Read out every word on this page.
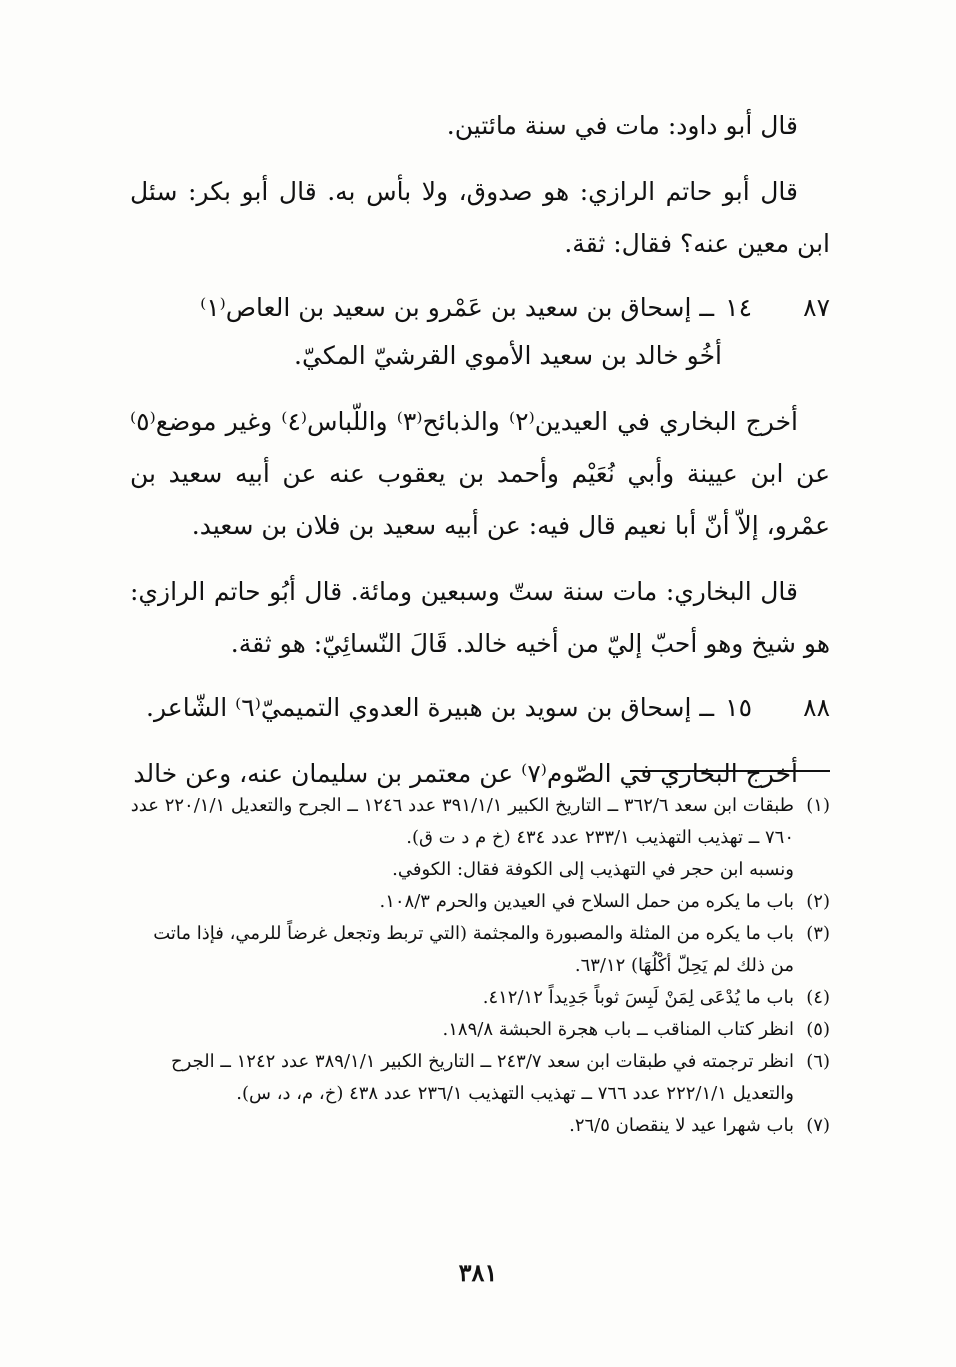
قال أبو داود: مات في سنة مائتين.

قال أبو حاتم الرازي: هو صدوق، ولا بأس به. قال أبو بكر: سئل ابن معين عنه؟ فقال: ثقة.

٨٧١٤ ــ إسحاق بن سعيد بن عَمْرو بن سعيد بن العاص⁽١⁾
أخُو خالد بن سعيد الأموي القرشيّ المكيّ.

أخرج البخاري في العيدين⁽٢⁾ والذبائح⁽٣⁾ واللّباس⁽٤⁾ وغير موضع⁽٥⁾ عن ابن عيينة وأبي نُعَيْم وأحمد بن يعقوب عنه عن أبيه سعيد بن عمْرو، إلاّ أنّ أبا نعيم قال فيه: عن أبيه سعيد بن فلان بن سعيد.

قال البخاري: مات سنة ستّ وسبعين ومائة. قال أبُو حاتم الرازي: هو شيخ وهو أحبّ إليّ من أخيه خالد. قَالَ النّسائِيّ: هو ثقة.

٨٨١٥ ــ إسحاق بن سويد بن هبيرة العدوي التميميّ⁽٦⁾ الشّاعر.

أخرج البخاري في الصّوم⁽٧⁾ عن معتمر بن سليمان عنه، وعن خالد

(١)
طبقات ابن سعد ٣٦٢/٦ ــ التاريخ الكبير ٣٩١/١/١ عدد ١٢٤٦ ــ الجرح والتعديل ٢٢٠/١/١ عدد ٧٦٠ ــ تهذيب التهذيب ٢٣٣/١ عدد ٤٣٤ (خ م د ت ق).
ونسبه ابن حجر في التهذيب إلى الكوفة فقال: الكوفي.
(٢)
باب ما يكره من حمل السلاح في العيدين والحرم ١٠٨/٣.
(٣)
باب ما يكره من المثلة والمصبورة والمجثمة (التي تربط وتجعل غرضاً للرمي، فإذا ماتت من ذلك لم يَحِلّ أكْلُهَا) ٦٣/١٢.
(٤)
باب ما يُدْعَى لِمَنْ لَبِسَ ثوباً جَدِيداً ٤١٢/١٢.
(٥)
انظر كتاب المناقب ــ باب هجرة الحبشة ١٨٩/٨.
(٦)
انظر ترجمته في طبقات ابن سعد ٢٤٣/٧ ــ التاريخ الكبير ٣٨٩/١/١ عدد ١٢٤٢ ــ الجرح والتعديل ٢٢٢/١/١ عدد ٧٦٦ ــ تهذيب التهذيب ٢٣٦/١ عدد ٤٣٨ (خ، م، د، س).
(٧)
باب شهرا عيد لا ينقصان ٢٦/٥.
٣٨١
